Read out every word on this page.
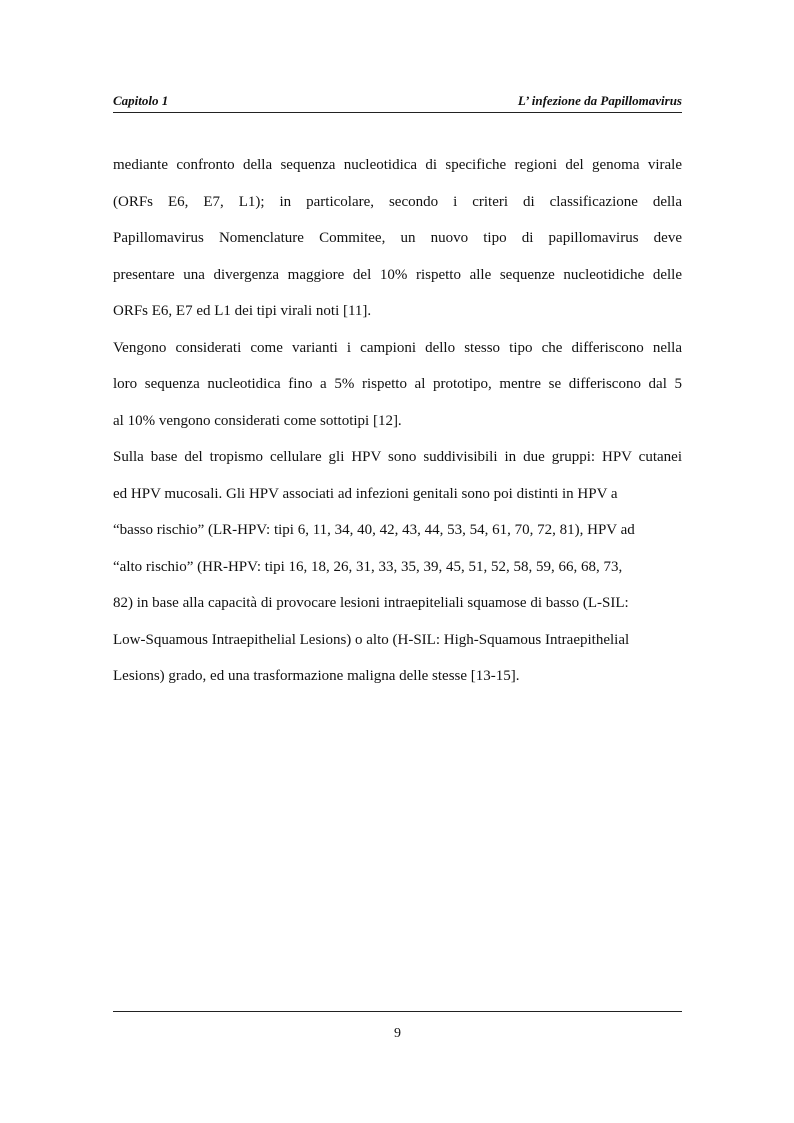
Capitolo 1	L’ infezione da Papillomavirus

mediante confronto della sequenza nucleotidica di specifiche regioni del genoma virale
(ORFs E6, E7, L1); in particolare, secondo i criteri di classificazione della
Papillomavirus Nomenclature Commitee, un nuovo tipo di papillomavirus deve
presentare una divergenza maggiore del 10% rispetto alle sequenze nucleotidiche delle
ORFs E6, E7 ed L1 dei tipi virali noti [11].

Vengono considerati come varianti i campioni dello stesso tipo che differiscono nella
loro sequenza nucleotidica fino a 5% rispetto al prototipo, mentre se differiscono dal 5
al 10% vengono considerati come sottotipi [12].

Sulla base del tropismo cellulare gli HPV sono suddivisibili in due gruppi: HPV cutanei
ed HPV mucosali. Gli HPV associati ad infezioni genitali sono poi distinti in HPV a
“basso rischio” (LR-HPV: tipi 6, 11, 34, 40, 42, 43, 44, 53, 54, 61, 70, 72, 81), HPV ad
“alto rischio” (HR-HPV: tipi 16, 18, 26, 31, 33, 35, 39, 45, 51, 52, 58, 59, 66, 68, 73,
82) in base alla capacità di provocare lesioni intraepiteliali squamose di basso (L-SIL:
Low-Squamous Intraepithelial Lesions) o alto (H-SIL: High-Squamous Intraepithelial
Lesions) grado, ed una trasformazione maligna delle stesse [13-15].

9
